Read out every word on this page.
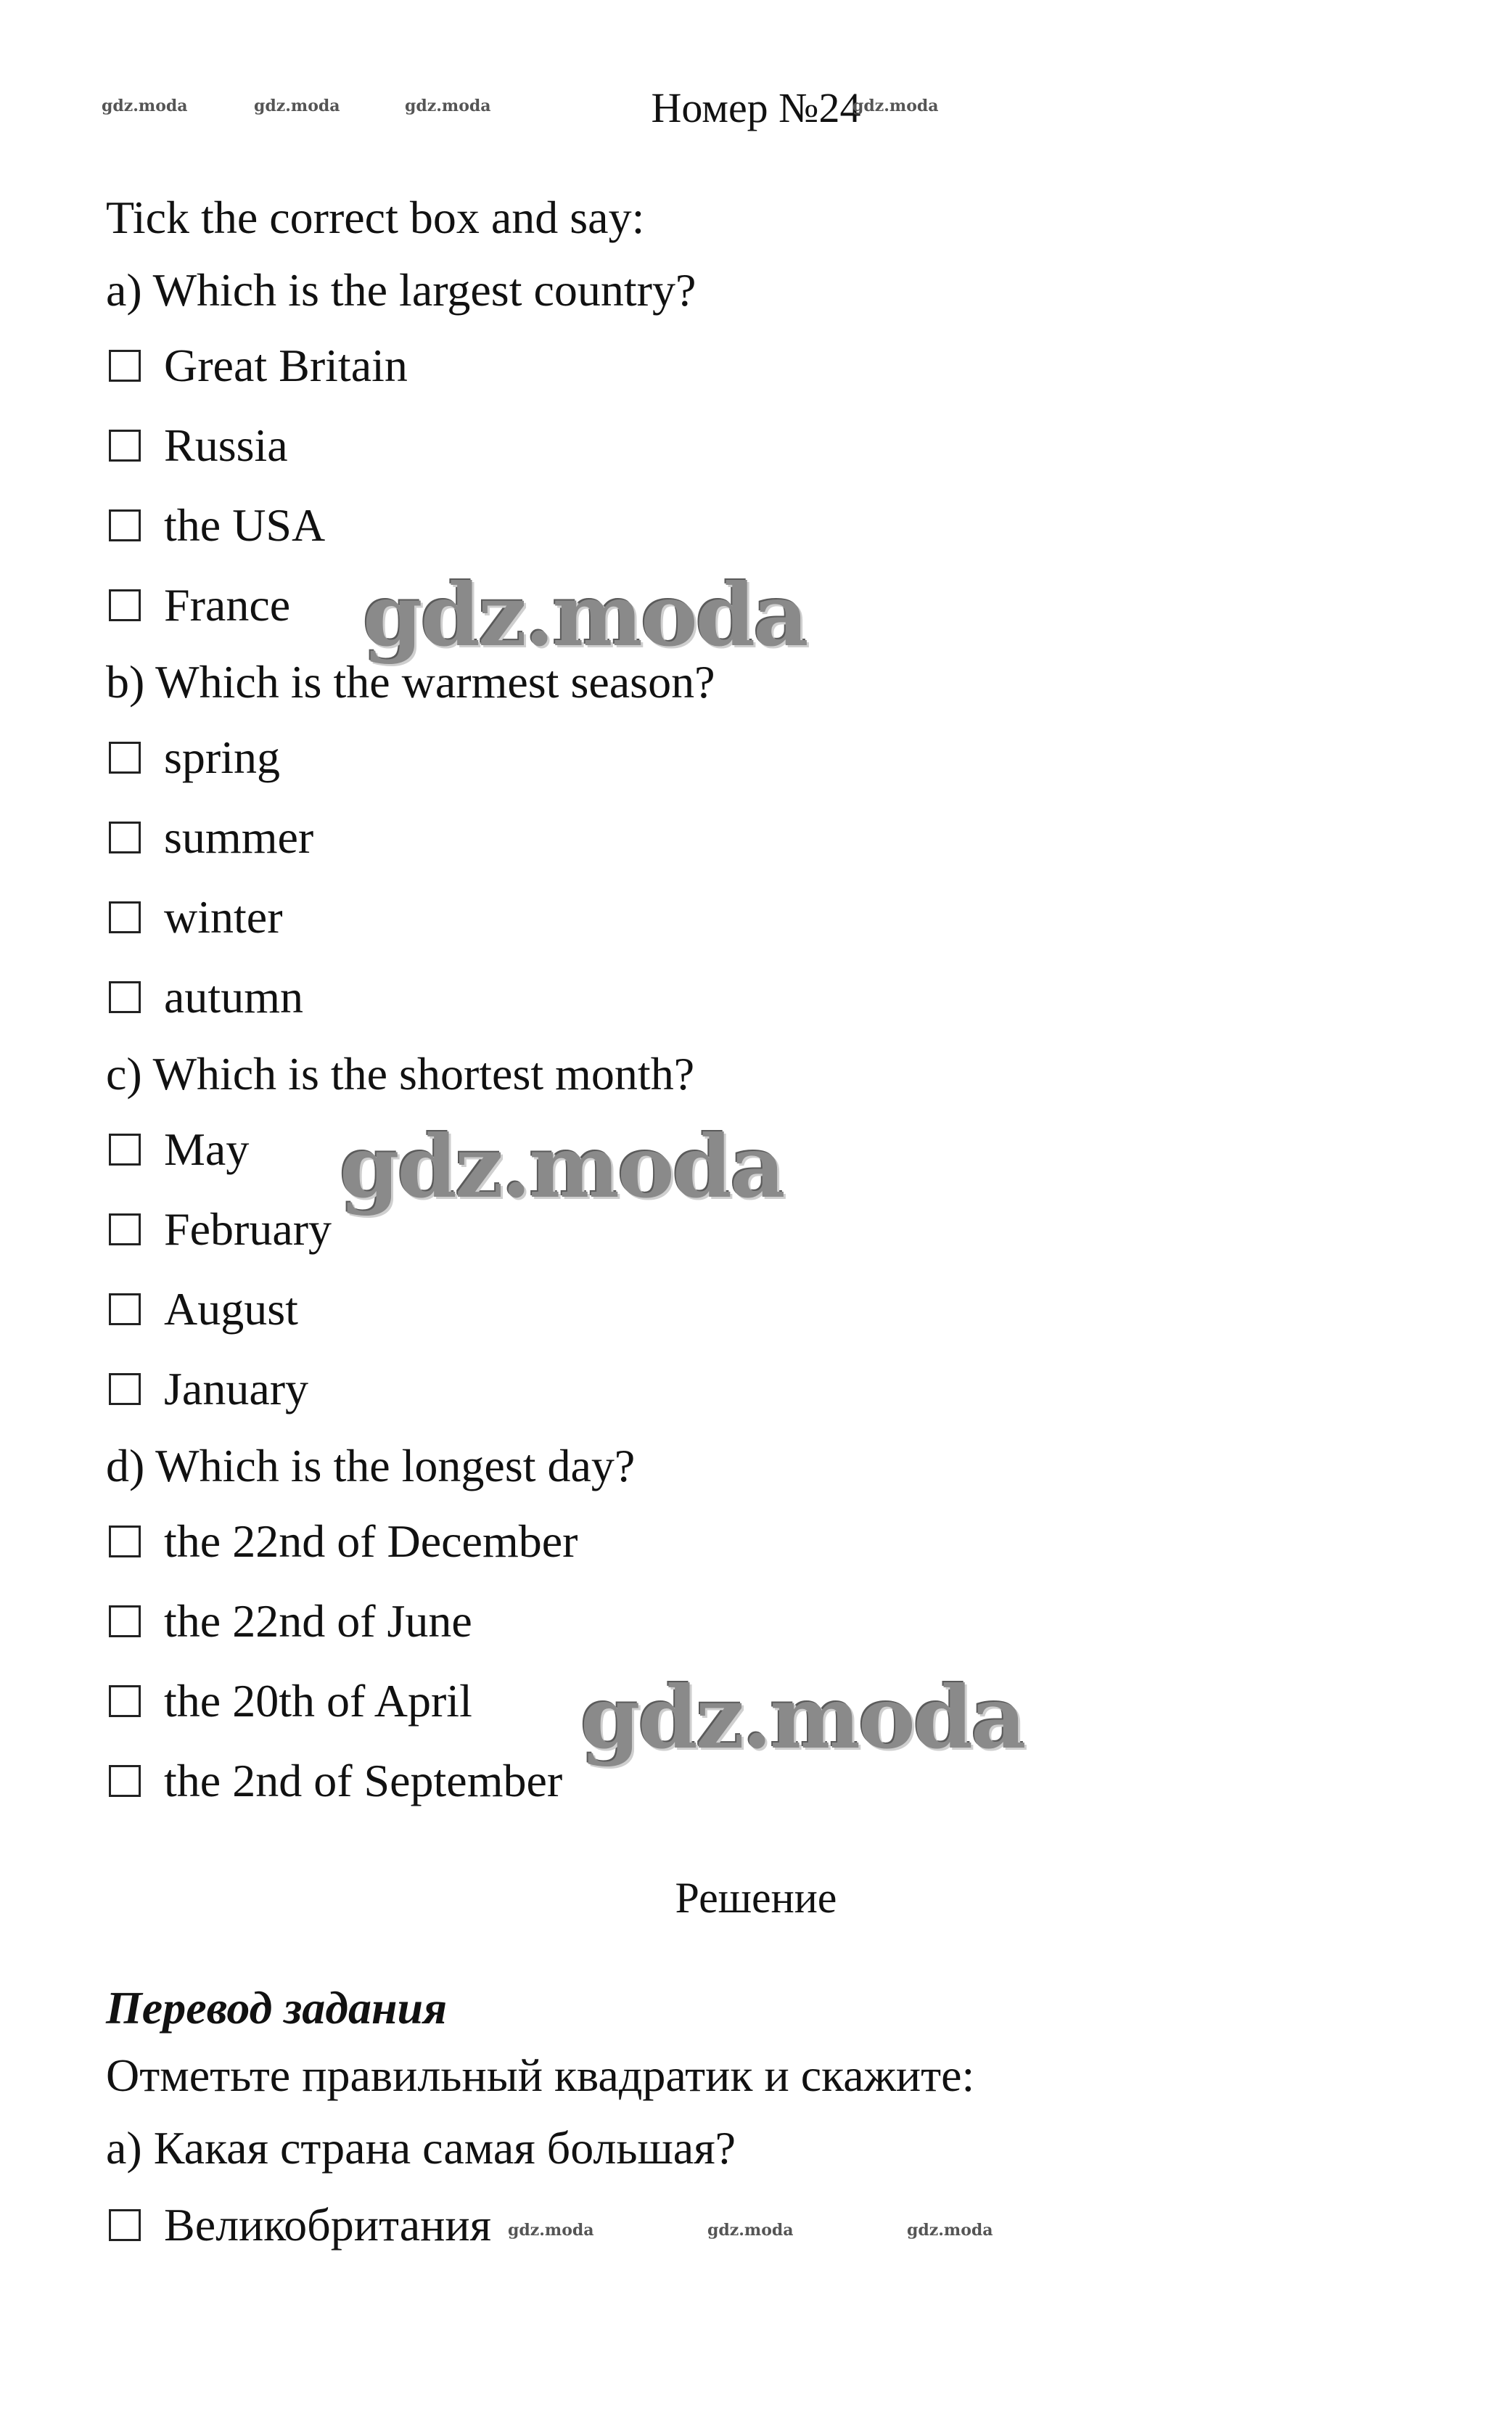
gdz.moda	gdz.moda	gdz.moda	Номер №24
gdz.moda
Tick the correct box and say:
a) Which is the largest country?
Great Britain
Russia
the USA
France gdz.moda
b) Which is the warmest season?
spring
summer
winter
autumn
c) Which is the shortest month?
May gdz.moda
February
August
January
d) Which is the longest day?
the 22nd of December
the 22nd of June
the 20th of April gdz.moda
the 2nd of September
Решение
Перевод задания
Отметьте правильный квадратик и скажите:
а) Какая страна самая большая?
Великобритания gdz.moda	gdz.moda	gdz.moda
